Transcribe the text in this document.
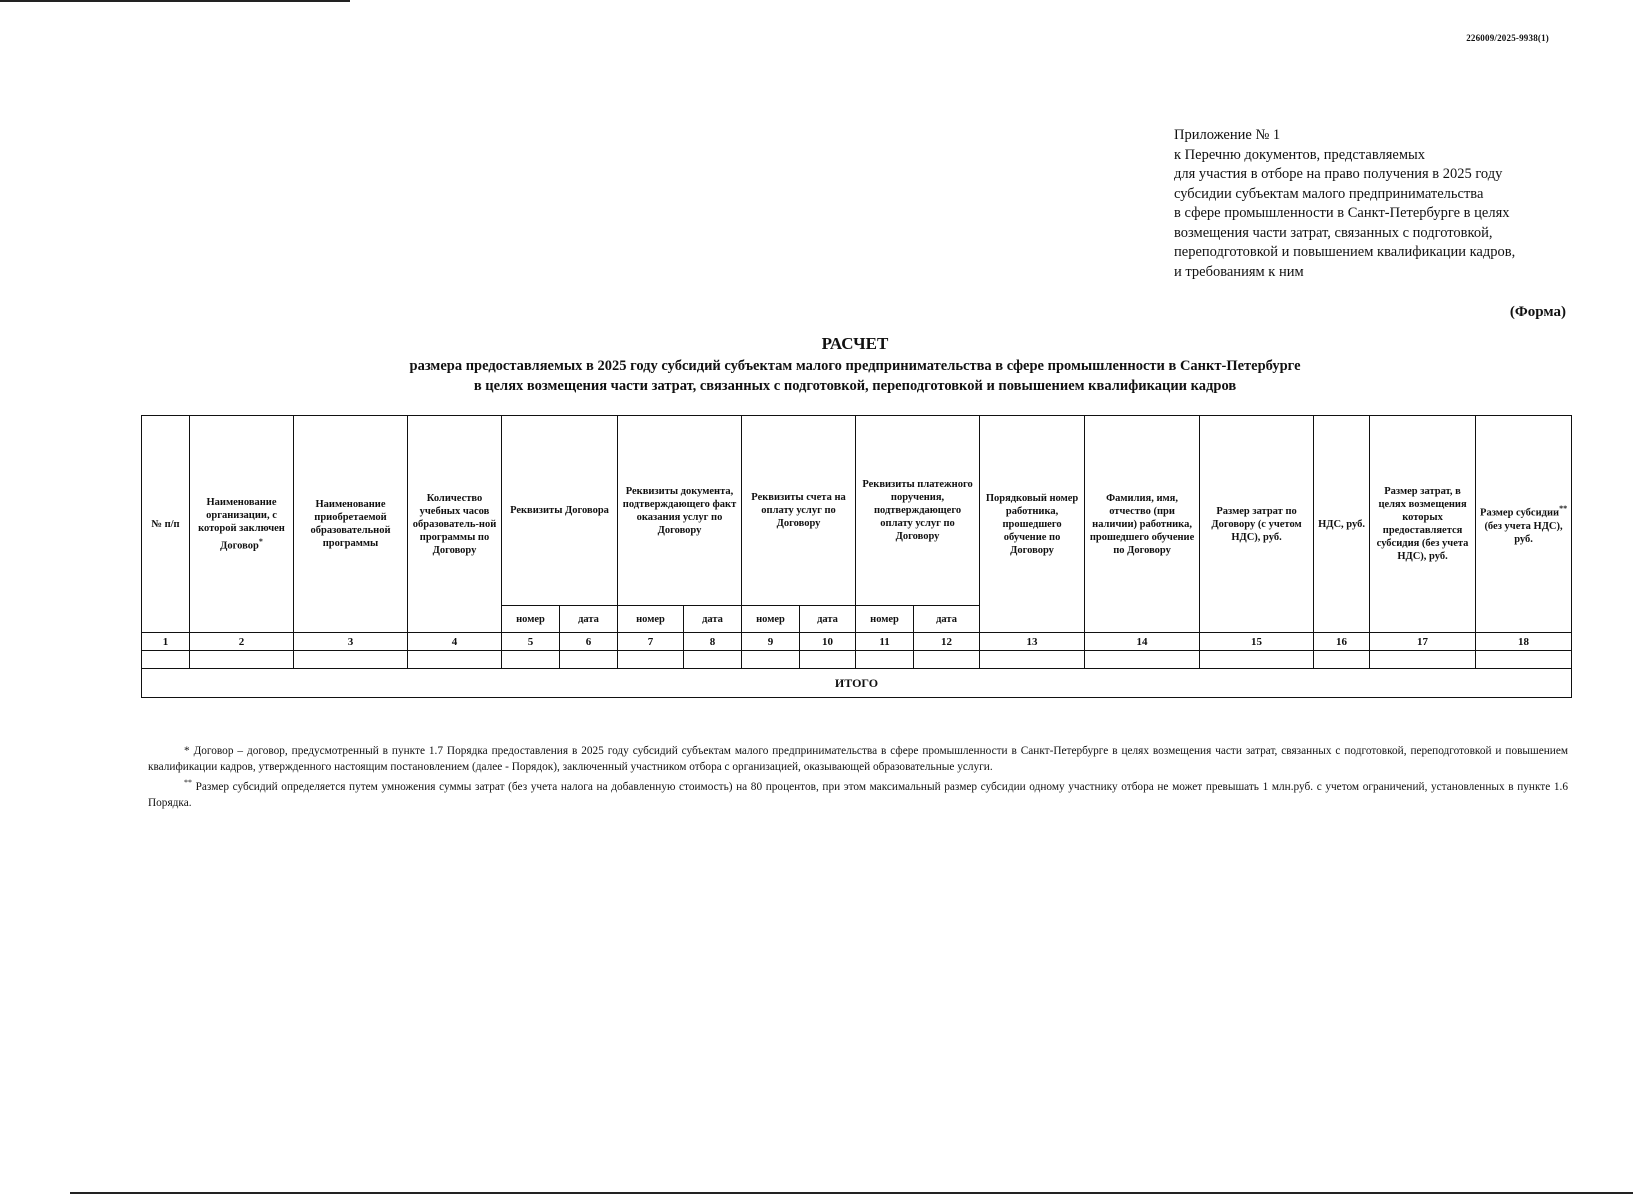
226009/2025-9938(1)
Приложение № 1
к Перечню документов, представляемых
для участия в отборе на право получения в 2025 году
субсидии субъектам малого предпринимательства
в сфере промышленности в Санкт-Петербурге в целях
возмещения части затрат, связанных с подготовкой,
переподготовкой и повышением квалификации кадров,
и требованиям к ним
(Форма)
РАСЧЕТ
размера предоставляемых в 2025 году субсидий субъектам малого предпринимательства в сфере промышленности в Санкт-Петербурге
в целях возмещения части затрат, связанных с подготовкой, переподготовкой и повышением квалификации кадров
№ п/п	Наименование организации, с которой заключен Договор*	Наименование приобретаемой образовательной программы	Количество учебных часов образователь-ной программы по Договору	Реквизиты Договора		Реквизиты документа, подтверждающего факт оказания услуг по Договору		Реквизиты счета на оплату услуг по Договору		Реквизиты платежного поручения, подтверждающего оплату услуг по Договору		Порядковый номер работника, прошедшего обучение по Договору	Фамилия, имя, отчество (при наличии) работника, прошедшего обучение по Договору	Размер затрат по Договору (с учетом НДС), руб.	НДС, руб.	Размер затрат, в целях возмещения которых предоставляется субсидия (без учета НДС), руб.	Размер субсидии**
(без учета НДС), руб.
				номер	дата	номер	дата	номер	дата	номер	дата						
1	2	3	4	5	6	7	8	9	10	11	12	13	14	15	16	17	18

ИТОГО																	

* Договор – договор, предусмотренный в пункте 1.7 Порядка предоставления в 2025 году субсидий субъектам малого предпринимательства в сфере промышленности в Санкт-Петербурге в целях возмещения части затрат, связанных с подготовкой, переподготовкой и повышением квалификации кадров, утвержденного настоящим постановлением (далее - Порядок), заключенный участником отбора с организацией, оказывающей образовательные услуги.

** Размер субсидий определяется путем умножения суммы затрат (без учета налога на добавленную стоимость) на 80 процентов, при этом максимальный размер субсидии одному участнику отбора не может превышать 1 млн.руб. с учетом ограничений, установленных в пункте 1.6 Порядка.
